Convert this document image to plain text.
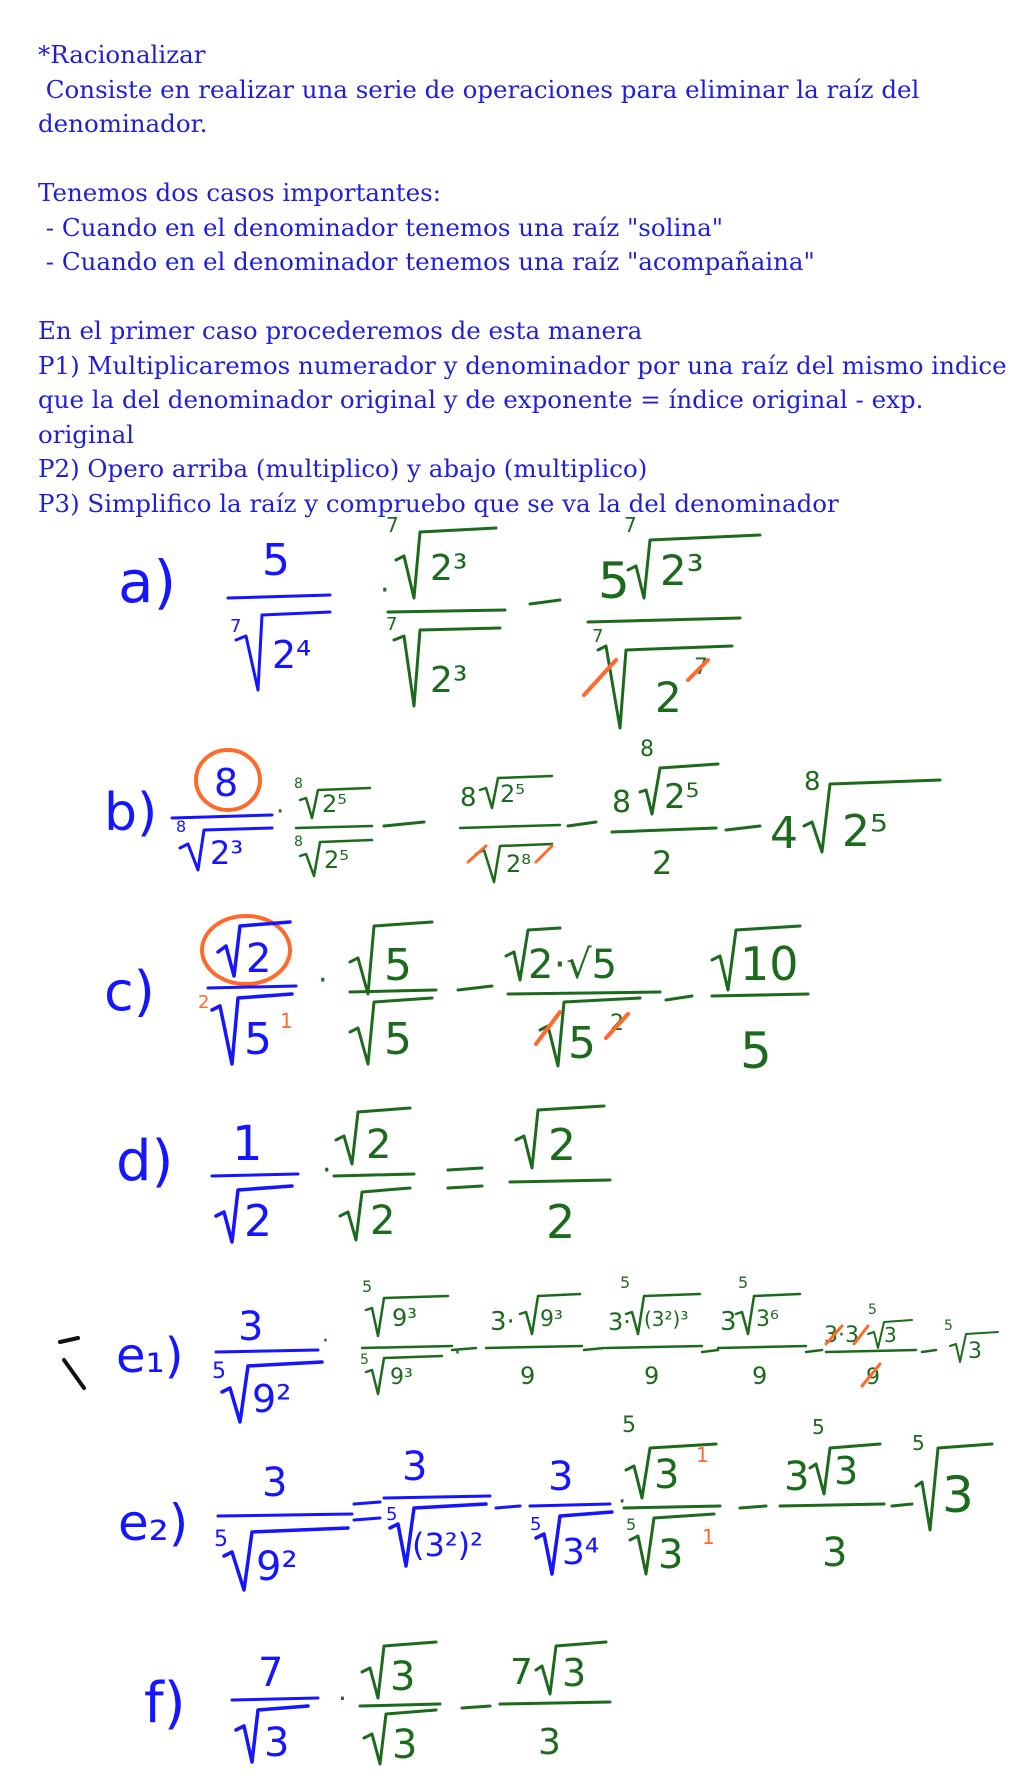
*Racionalizar
Consiste en realizar una serie de operaciones para eliminar la raíz del
denominador.
Tenemos dos casos importantes:
- Cuando en el denominador tenemos una raíz "solina"
- Cuando en el denominador tenemos una raíz "acompañaina"
En el primer caso procederemos de esta manera
P1) Multiplicaremos numerador y denominador por una raíz del mismo indice
que la del denominador original y de exponente = índice original - exp.
original
P2) Opero arriba (multiplico) y abajo (multiplico)
P3) Simplifico la raíz y compruebo que se va la del denominador
a) 5
7
2⁴
·
7
2³
7
2³
5
7
2³
7
2
7
b) 8
8
2³
·
8
2⁵
8
2⁵
8 2⁵
2⁸
8
8
2⁵
2
4
8
2⁵
c)
2
2
5 1
· 5
5
2·√5
5 2
10
5
d) 1
2
·
2
2
2
2
e₁)
3
5
9²
·
5
9³
5
9³
·
3· 9³
9
5
3· (3²)³
9
5
3 3⁶
9
5
3·3 3
9
5
3
e₂)
3
5
9²
3
5
(3²)²
3
5
3⁴
·
5
3 1
5
3 1
3
5
3
3
5
3
f) 7
3
· 3
3
7 3
3
